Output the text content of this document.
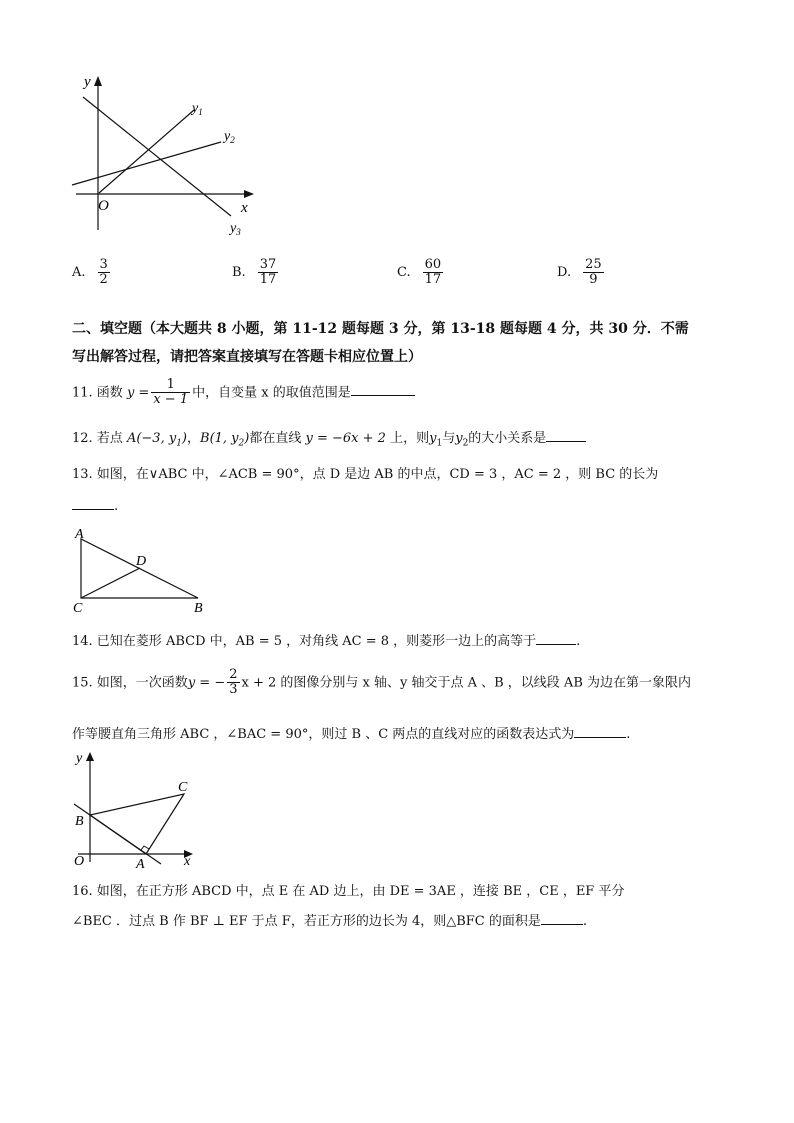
y
x
O
$y_1$
$y_2$
$y_3$
A. $\frac{3}{2}$	B. $\frac{37}{17}$	C. $\frac{60}{17}$	D. $\frac{25}{9}$
二、填空题（本大题共 8 小题，第 11-12 题每题 3 分，第 13-18 题每题 4 分，共 30 分．不需
写出解答过程，请把答案直接填写在答题卡相应位置上）
11. 函数 $y = \frac{1}{x - 1}$ 中，自变量 x 的取值范围是
12. 若点 A(−3, $y_1$)，B(1, $y_2$)都在直线 y = −6x + 2 上，则$y_1$与$y_2$的大小关系是
13. 如图，在∨ABC 中，∠ACB = 90°，点 D 是边 AB 的中点，CD = 3 ，AC = 2 ，则 BC 的长为
.
A
D
C	B
14. 已知在菱形 ABCD 中，AB = 5 ，对角线 AC = 8 ，则菱形一边上的高等于	.
15. 如图，一次函数y = − $\frac{2}{3}$ x + 2 的图像分别与 x 轴、y 轴交于点 A 、B ，以线段 AB 为边在第一象限内
作等腰直角三角形 ABC ，∠BAC = 90°，则过 B 、C 两点的直线对应的函数表达式为	.
y
x
O	A
B
C
16. 如图，在正方形 ABCD 中，点 E 在 AD 边上，由 DE = 3AE ，连接 BE ，CE ，EF 平分
∠BEC ．过点 B 作 BF ⊥ EF 于点 F，若正方形的边长为 4，则△BFC 的面积是	.
